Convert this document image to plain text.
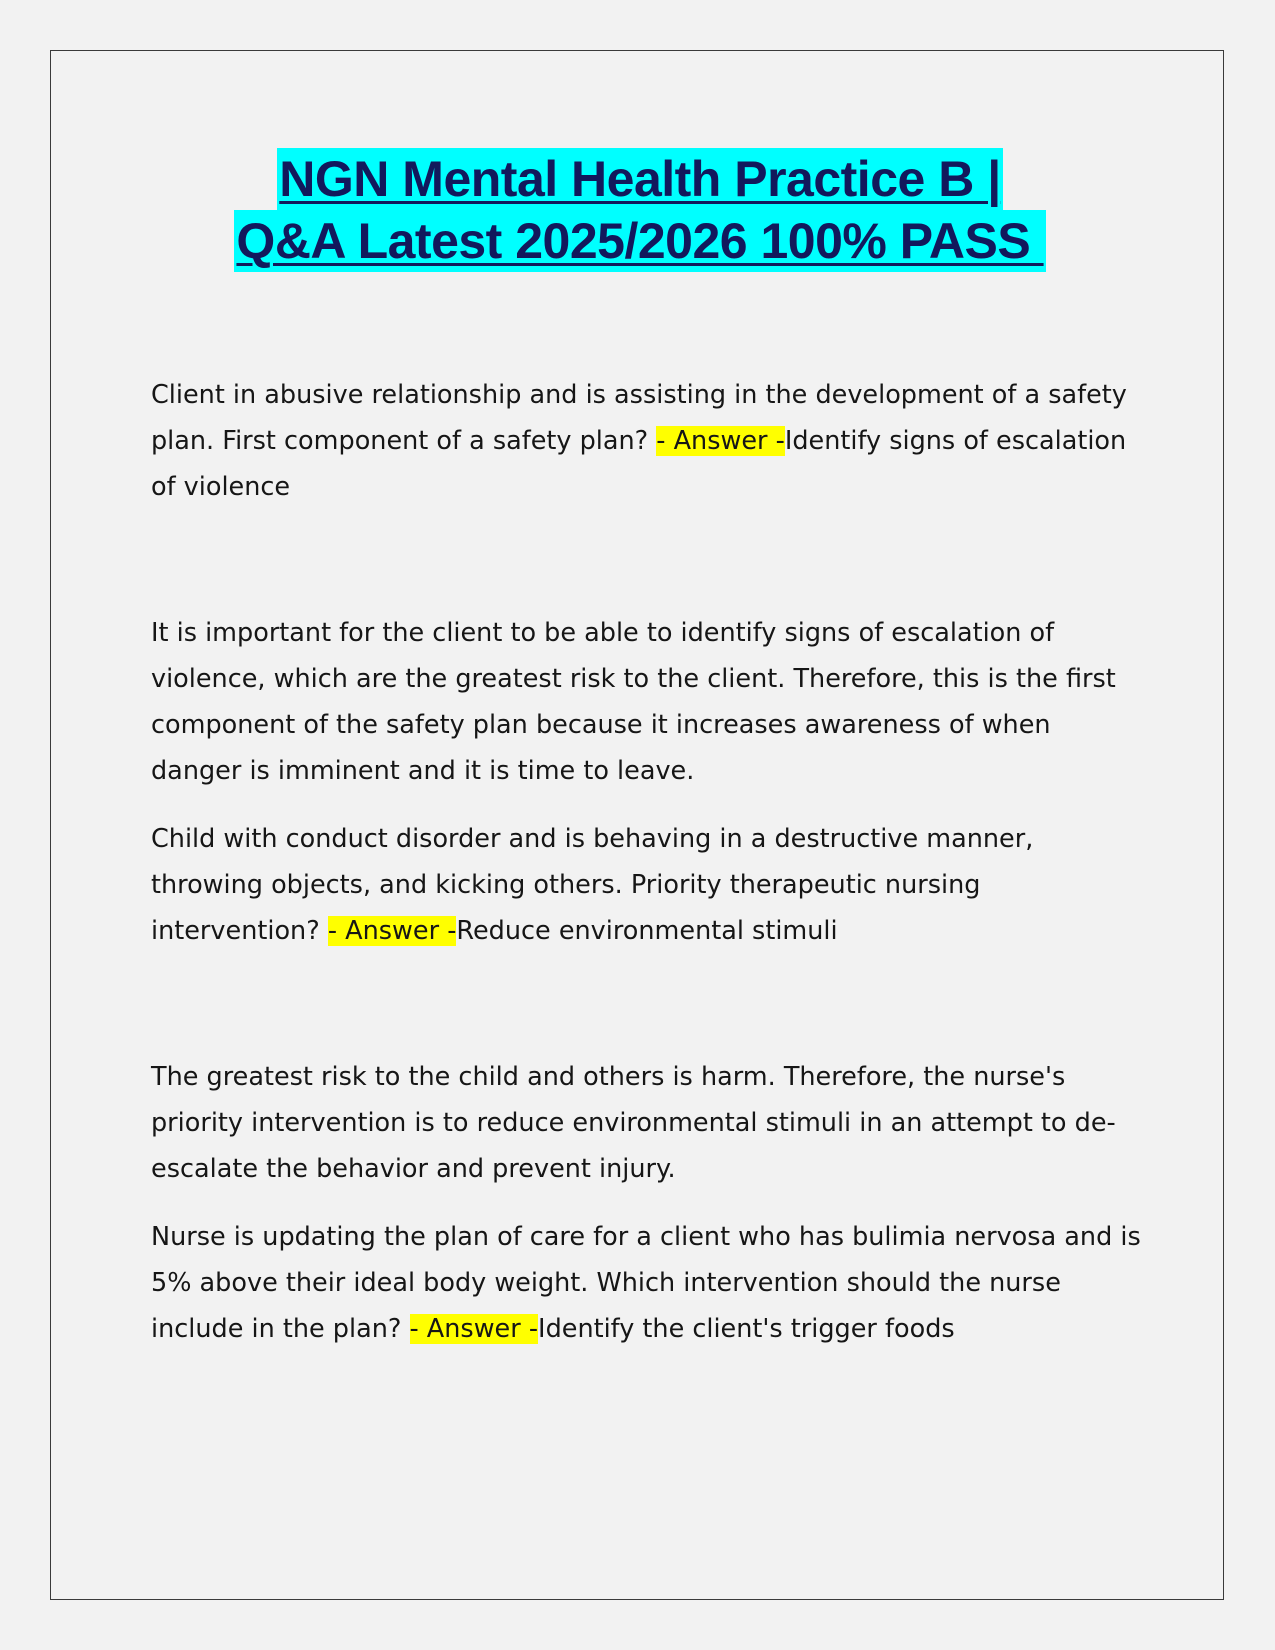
NGN Mental Health Practice B |
Q&A Latest 2025/2026 100% PASS

Client in abusive relationship and is assisting in the development of a safety plan. First component of a safety plan? - Answer -Identify signs of escalation of violence

It is important for the client to be able to identify signs of escalation of violence, which are the greatest risk to the client. Therefore, this is the first component of the safety plan because it increases awareness of when danger is imminent and it is time to leave.

Child with conduct disorder and is behaving in a destructive manner, throwing objects, and kicking others. Priority therapeutic nursing intervention? - Answer -Reduce environmental stimuli

The greatest risk to the child and others is harm. Therefore, the nurse's priority intervention is to reduce environmental stimuli in an attempt to de-escalate the behavior and prevent injury.

Nurse is updating the plan of care for a client who has bulimia nervosa and is 5% above their ideal body weight. Which intervention should the nurse include in the plan? - Answer -Identify the client's trigger foods
